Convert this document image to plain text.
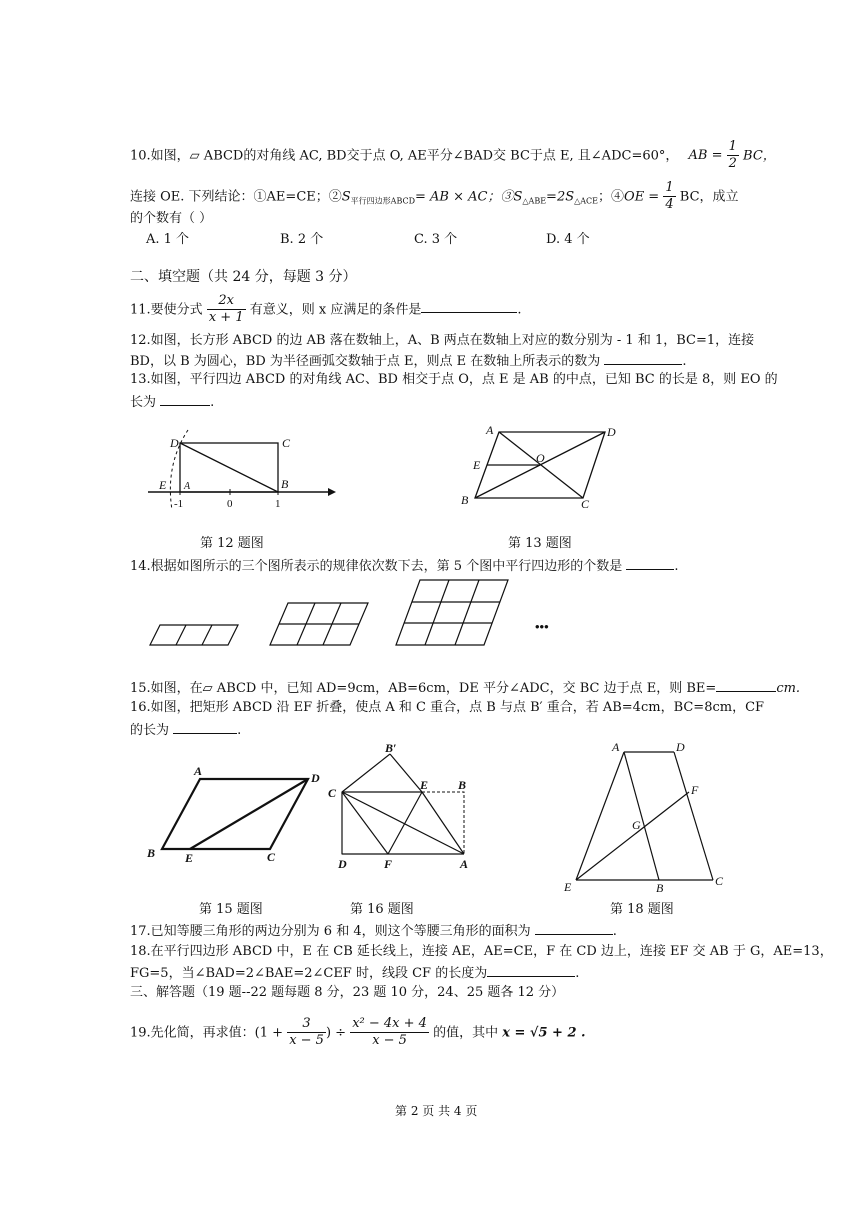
10.如图，▱ ABCD的对角线 AC, BD交于点 O, AE平分∠BAD交 BC于点 E, 且∠ADC=60°， AB = $\frac{1}{2}$ BC，
连接 OE. 下列结论：①AE=CE；$②S_{平行四边形ABCD}=$ AB × AC；$③S_{\triangle ABE}=2S_{\triangle ACE}$；④OE = $\frac{1}{4}$ BC，成立
的个数有（ ）
A. 1 个	B. 2 个	C. 3 个	D. 4 个
二、填空题（共 24 分，每题 3 分）
11.要使分式 $\frac{2x}{x + 1}$ 有意义，则 x 应满足的条件是	.
12.如图，长方形 ABCD 的边 AB 落在数轴上，A、B 两点在数轴上对应的数分别为 - 1 和 1，BC=1，连接
BD，以 B 为圆心，BD 为半径画弧交数轴于点 E，则点 E 在数轴上所表示的数为	.
13.如图，平行四边 ABCD 的对角线 AC、BD 相交于点 O，点 E 是 AB 的中点，已知 BC 的长是 8，则 EO 的
长为	.
D	C
E A	B
-1	0	1
第 12 题图
A	D
E	O
B	C
第 13 题图
14.根据如图所示的三个图所表示的规律依次数下去，第 5 个图中平行四边形的个数是	.
•••
15.如图，在▱ ABCD 中，已知 AD=9cm，AB=6cm，DE 平分∠ADC，交 BC 边于点 E，则 BE=	cm.
16.如图，把矩形 ABCD 沿 EF 折叠，使点 A 和 C 重合，点 B 与点 B′ 重合，若 AB=4cm，BC=8cm，CF
的长为	.
A	D
B E	C
第 15 题图
B′
C
E B
D	F	A
第 16 题图
A	D
F
G
E	B	C
第 18 题图
17.已知等腰三角形的两边分别为 6 和 4，则这个等腰三角形的面积为	.
18.在平行四边形 ABCD 中，E 在 CB 延长线上，连接 AE，AE=CE，F 在 CD 边上，连接 EF 交 AB 于 G，AE=13，
FG=5，当∠BAD=2∠BAE=2∠CEF 时，线段 CF 的长度为	.
三、解答题（19 题--22 题每题 8 分，23 题 10 分，24、25 题各 12 分）
19.先化简，再求值：($1 + \frac{3}{x - 5}$ ) ÷ $\frac{\text{x² − 4x + 4}}{x - 5}$ 的值，其中 x = √5 + 2 .
第 2 页 共 4 页
